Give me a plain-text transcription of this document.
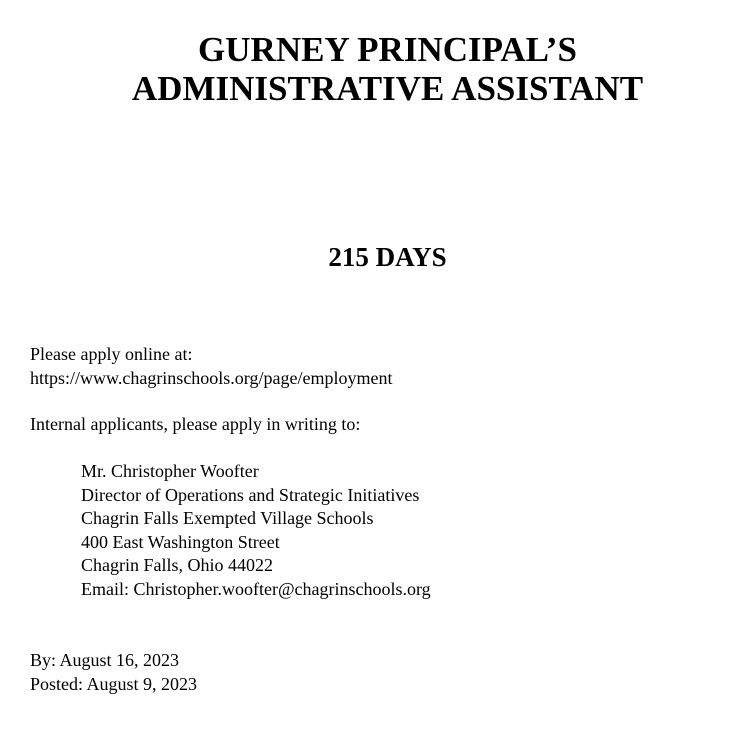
GURNEY PRINCIPAL’S
ADMINISTRATIVE ASSISTANT
215 DAYS
Please apply online at:
https://www.chagrinschools.org/page/employment
Internal applicants, please apply in writing to:
Mr. Christopher Woofter
Director of Operations and Strategic Initiatives
Chagrin Falls Exempted Village Schools
400 East Washington Street
Chagrin Falls, Ohio 44022
Email: Christopher.woofter@chagrinschools.org
By: August 16, 2023
Posted: August 9, 2023
